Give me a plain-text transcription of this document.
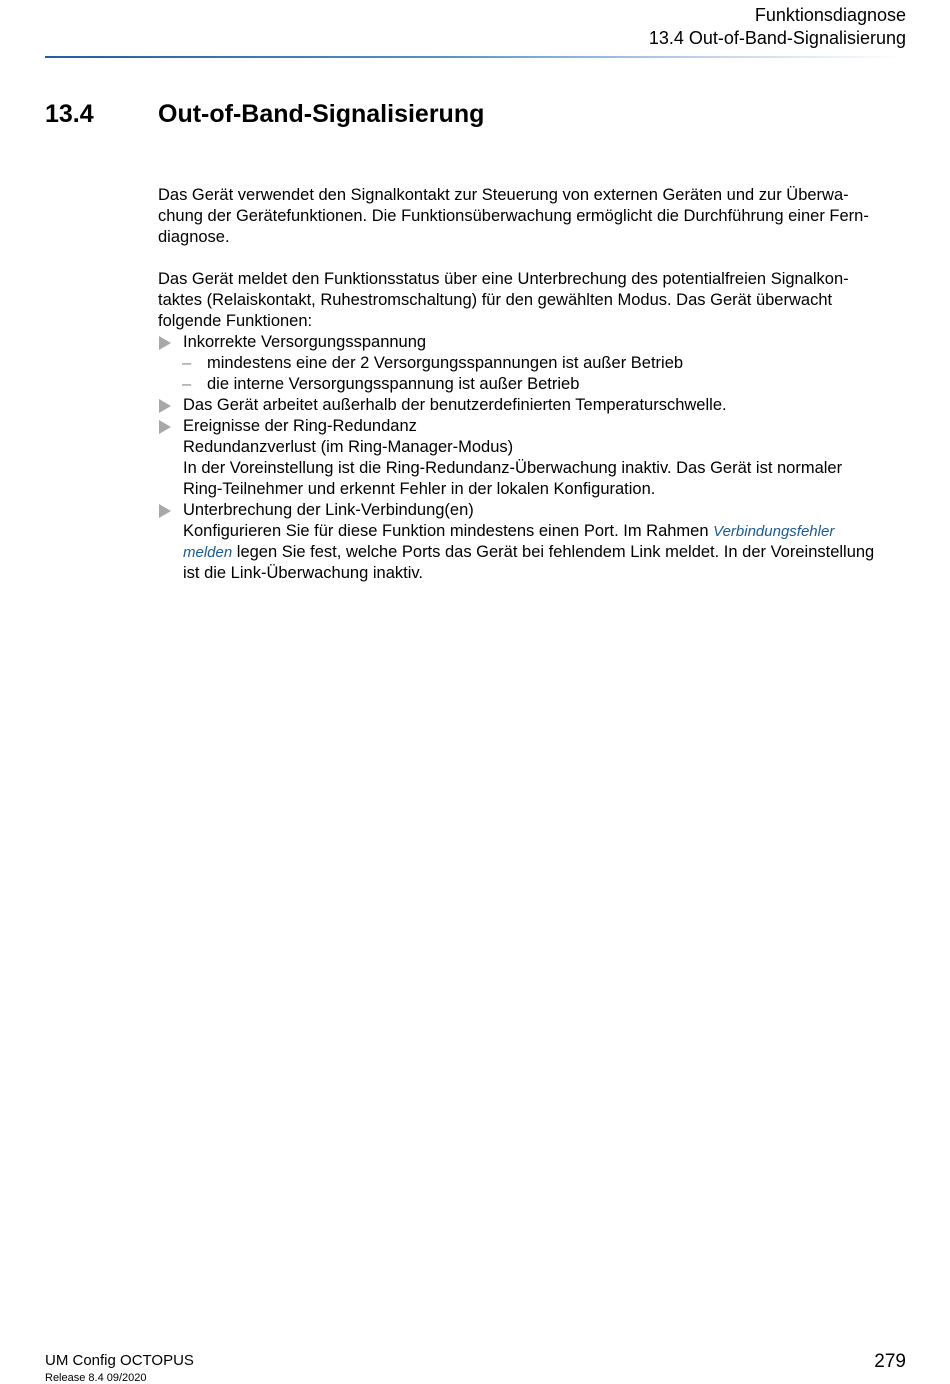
Funktionsdiagnose
13.4 Out-of-Band-Signalisierung
13.4	Out-of-Band-Signalisierung

Das Gerät verwendet den Signalkontakt zur Steuerung von externen Geräten und zur Überwa-
chung der Gerätefunktionen. Die Funktionsüberwachung ermöglicht die Durchführung einer Fern-
diagnose.

Das Gerät meldet den Funktionsstatus über eine Unterbrechung des potentialfreien Signalkon-
taktes (Relaiskontakt, Ruhestromschaltung) für den gewählten Modus. Das Gerät überwacht
folgende Funktionen:

Inkorrekte Versorgungsspannung
– mindestens eine der 2 Versorgungsspannungen ist außer Betrieb
– die interne Versorgungsspannung ist außer Betrieb
Das Gerät arbeitet außerhalb der benutzerdefinierten Temperaturschwelle.
Ereignisse der Ring-Redundanz
Redundanzverlust (im Ring-Manager-Modus)
In der Voreinstellung ist die Ring-Redundanz-Überwachung inaktiv. Das Gerät ist normaler
Ring-Teilnehmer und erkennt Fehler in der lokalen Konfiguration.
Unterbrechung der Link-Verbindung(en)
Konfigurieren Sie für diese Funktion mindestens einen Port. Im Rahmen Verbindungsfehler
melden legen Sie fest, welche Ports das Gerät bei fehlendem Link meldet. In der Voreinstellung
ist die Link-Überwachung inaktiv.
UM Config OCTOPUS
Release 8.4 09/2020
279
